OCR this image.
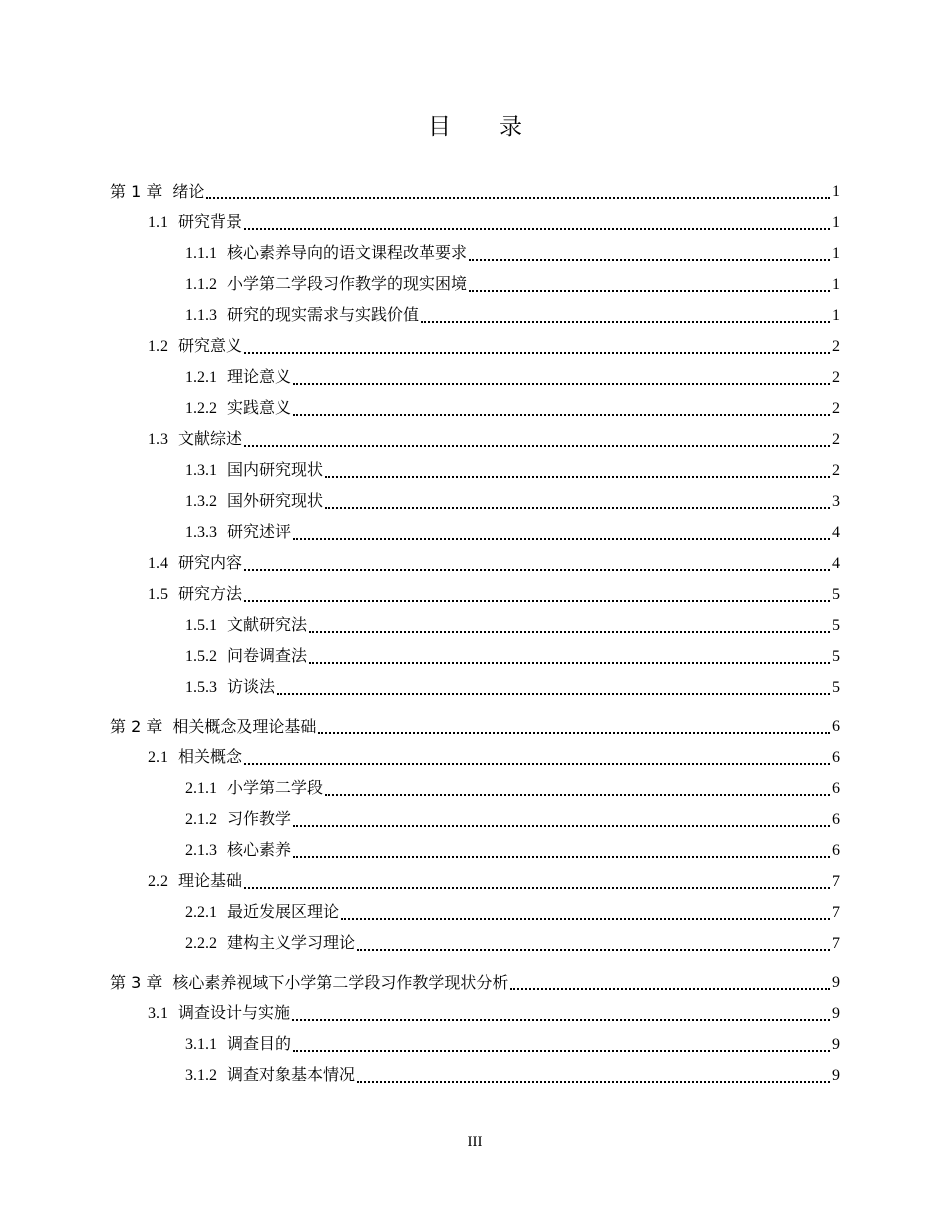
目录
第 1 章 绪论	1
1.1 研究背景	1
1.1.1 核心素养导向的语文课程改革要求	1
1.1.2 小学第二学段习作教学的现实困境	1
1.1.3 研究的现实需求与实践价值	1
1.2 研究意义	2
1.2.1 理论意义	2
1.2.2 实践意义	2
1.3 文献综述	2
1.3.1 国内研究现状	2
1.3.2 国外研究现状	3
1.3.3 研究述评	4
1.4 研究内容	4
1.5 研究方法	5
1.5.1 文献研究法	5
1.5.2 问卷调查法	5
1.5.3 访谈法	5
第 2 章 相关概念及理论基础	6
2.1 相关概念	6
2.1.1 小学第二学段	6
2.1.2 习作教学	6
2.1.3 核心素养	6
2.2 理论基础	7
2.2.1 最近发展区理论	7
2.2.2 建构主义学习理论	7
第 3 章 核心素养视域下小学第二学段习作教学现状分析	9
3.1 调查设计与实施	9
3.1.1 调查目的	9
3.1.2 调查对象基本情况	9
III
